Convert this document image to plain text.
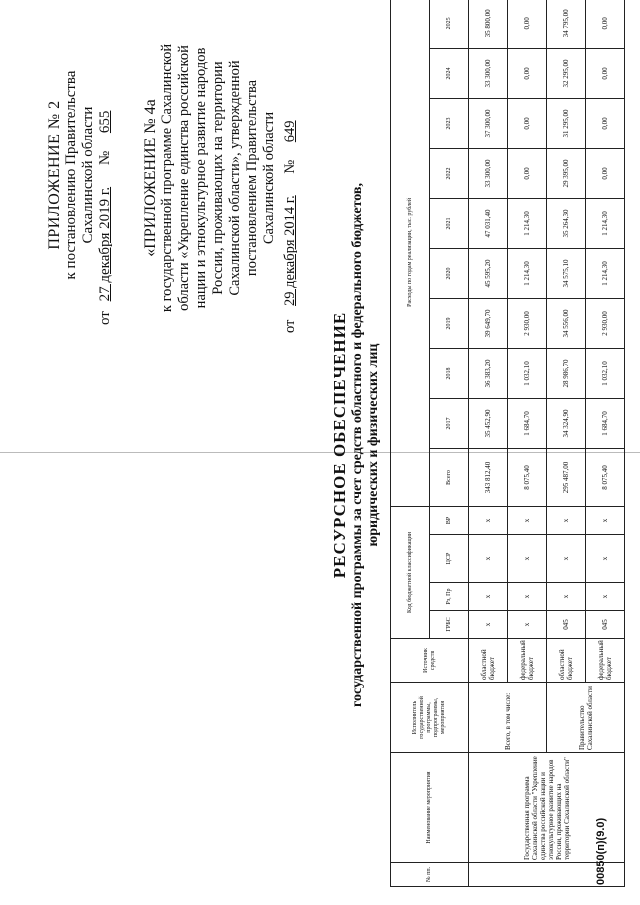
ПРИЛОЖЕНИЕ № 2 к постановлению Правительства Сахалинской области
от 27 декабря 2019 г. № 655 «ПРИЛОЖЕНИЕ № 4а к государственной программе Сахалинской области «Укрепление единства российской нации и этнокультурное развитие народов России, проживающих на территории Сахалинской области», утвержденной постановлением Правительства Сахалинской области
от 29 декабря 2014 г. № 649
РЕСУРСНОЕ ОБЕСПЕЧЕНИЕ государственной программы за счет средств областного и федерального бюджетов, юридических и физических лиц
№ пп.	Наименование мероприятия	Исполнитель государственной программы, подпрограммы, мероприятия	Источник средств	Код бюджетной классификации				Расходы по годам реализации, тыс. рублей									
				ГРБС	Рз, Пр	ЦСР	ВР	Всего	2017	2018	2019	2020	2021	2022	2023	2024	2025
	Государственная программа Сахалинской области "Укрепление единства российской нации и этнокультурное развитие народов России, проживающих на территории Сахалинской области"	Всего, в том числе:	областной бюджет	х	х	х	х	343 812,40	35 452,90	36 383,20	39 649,70	45 595,20	47 031,40	33 300,00	37 300,00	33 300,00	35 800,00
			федеральный бюджет	х	х	х	х	8 075,40	1 684,70	1 032,10	2 930,00	1 214,30	1 214,30	0,00	0,00	0,00	0,00
		Правительство Сахалинской области	областной бюджет	045	х	х	х	295 487,00	34 324,90	28 986,70	34 556,00	34 575,10	35 264,30	29 395,00	31 295,00	32 295,00	34 795,00
			федеральный бюджет	045	х	х	х	8 075,40	1 684,70	1 032,10	2 930,00	1 214,30	1 214,30	0,00	0,00	0,00	0,00
00850(п)(9.0)
